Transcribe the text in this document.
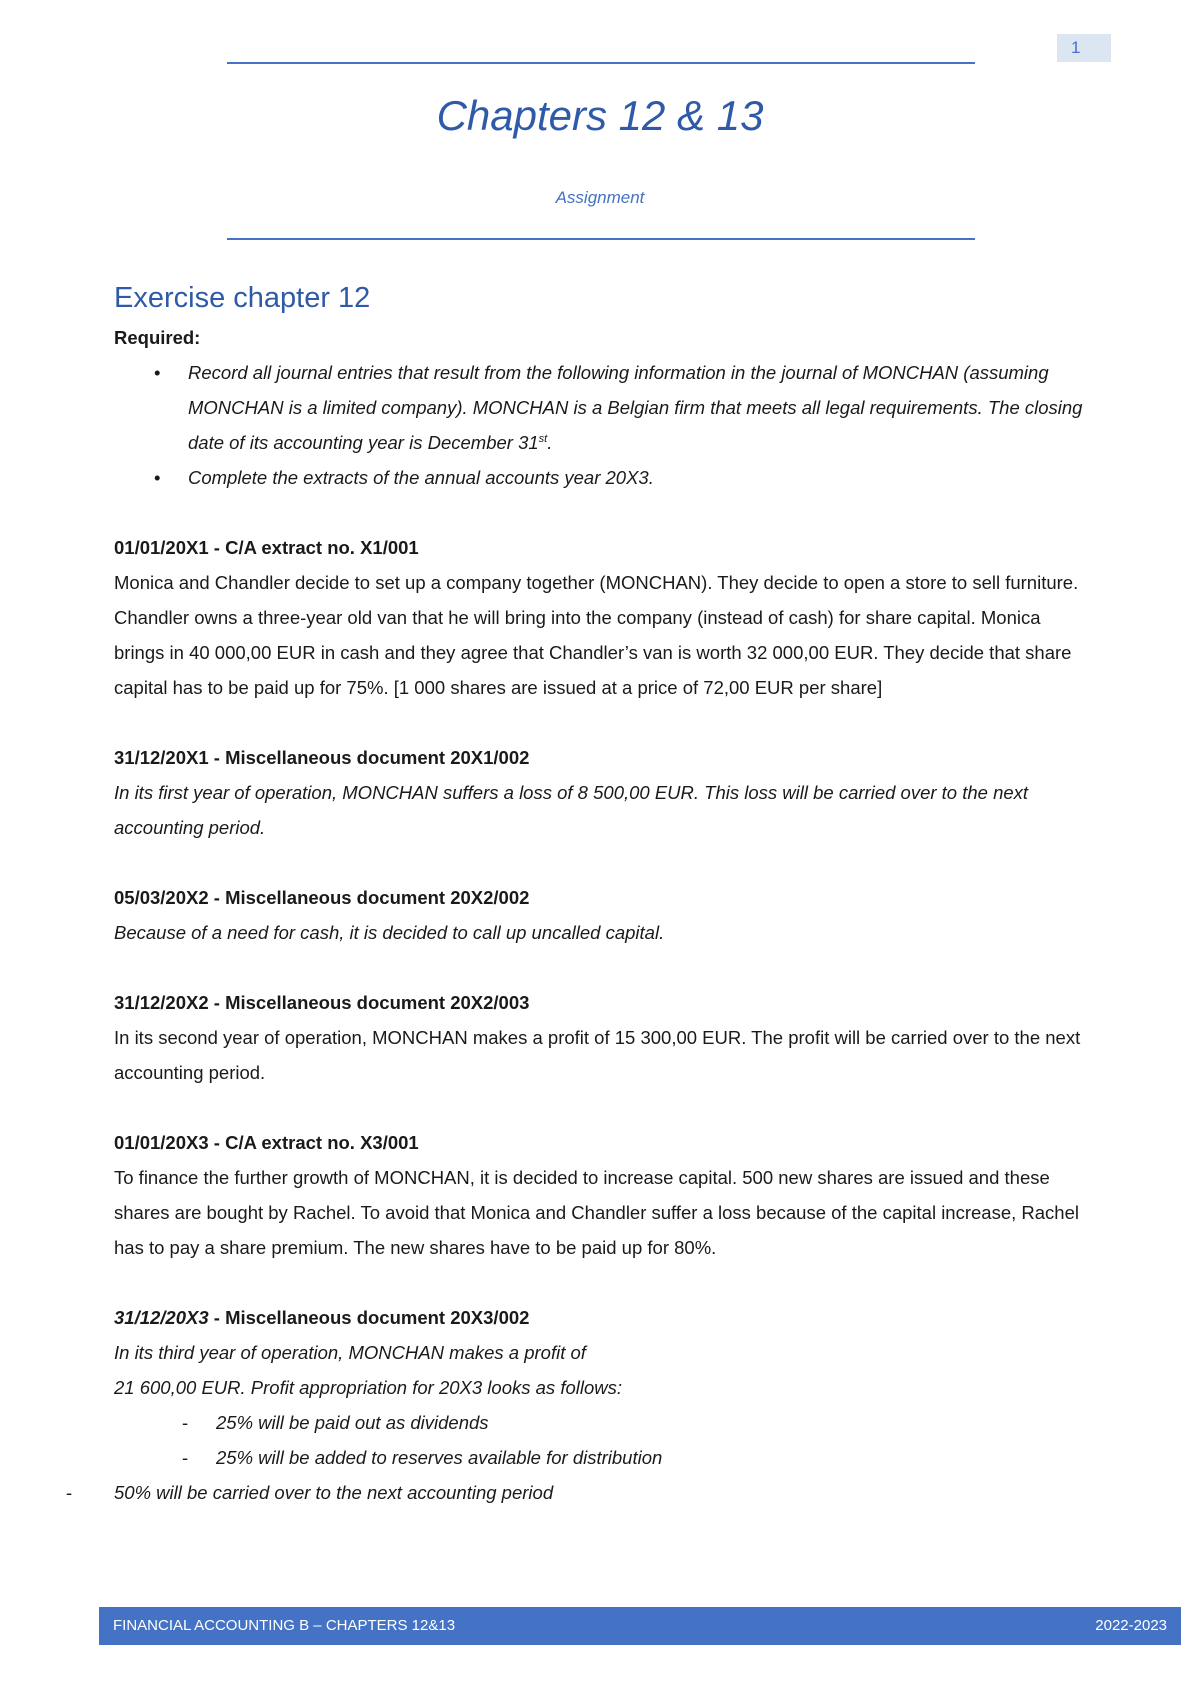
1
Chapters 12 & 13
Assignment
Exercise chapter 12

Required:

• Record all journal entries that result from the following information in the journal of MONCHAN (assuming MONCHAN is a limited company). MONCHAN is a Belgian firm that meets all legal requirements. The closing date of its accounting year is December 31st.
• Complete the extracts of the annual accounts year 20X3.

01/01/20X1 - C/A extract no. X1/001

Monica and Chandler decide to set up a company together (MONCHAN). They decide to open a store to sell furniture.

Chandler owns a three-year old van that he will bring into the company (instead of cash) for share capital. Monica brings in 40 000,00 EUR in cash and they agree that Chandler’s van is worth 32 000,00 EUR. They decide that share capital has to be paid up for 75%. [1 000 shares are issued at a price of 72,00 EUR per share]

31/12/20X1 - Miscellaneous document 20X1/002

In its first year of operation, MONCHAN suffers a loss of 8 500,00 EUR. This loss will be carried over to the next accounting period.

05/03/20X2 - Miscellaneous document 20X2/002

Because of a need for cash, it is decided to call up uncalled capital.

31/12/20X2 - Miscellaneous document 20X2/003

In its second year of operation, MONCHAN makes a profit of 15 300,00 EUR. The profit will be carried over to the next accounting period.

01/01/20X3 - C/A extract no. X3/001

To finance the further growth of MONCHAN, it is decided to increase capital. 500 new shares are issued and these shares are bought by Rachel. To avoid that Monica and Chandler suffer a loss because of the capital increase, Rachel has to pay a share premium. The new shares have to be paid up for 80%.

31/12/20X3 - Miscellaneous document 20X3/002

In its third year of operation, MONCHAN makes a profit of

21 600,00 EUR. Profit appropriation for 20X3 looks as follows:

- 25% will be paid out as dividends
- 25% will be added to reserves available for distribution

- 50% will be carried over to the next accounting period

FINANCIAL ACCOUNTING B – CHAPTERS 12&13	2022-2023
